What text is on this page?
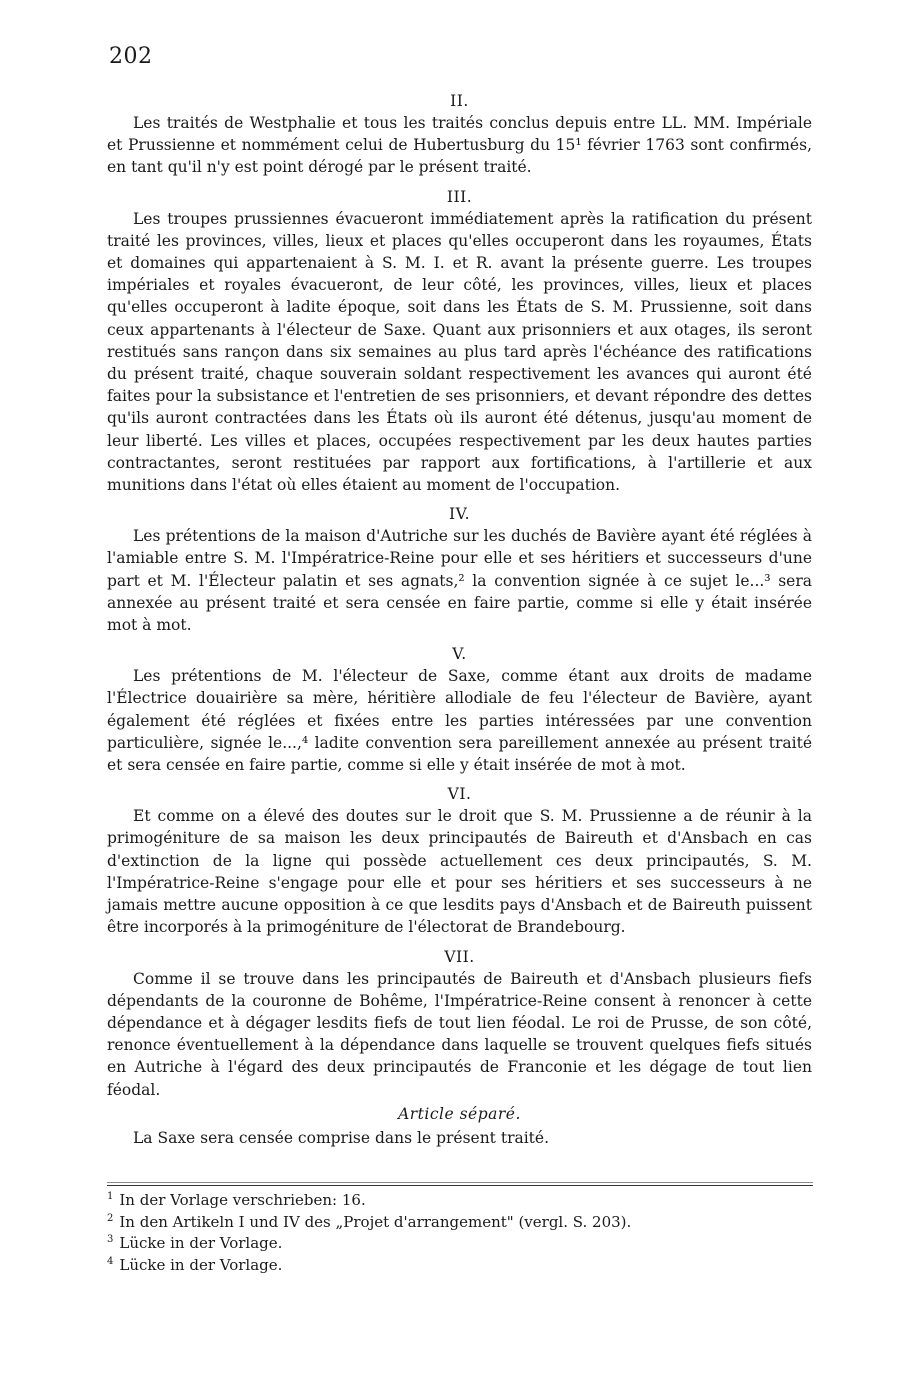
202

II.

Les traités de Westphalie et tous les traités conclus depuis entre LL. MM. Impériale et Prussienne et nommément celui de Hubertusburg du 15¹ février 1763 sont confirmés, en tant qu'il n'y est point dérogé par le présent traité.

III.

Les troupes prussiennes évacueront immédiatement après la ratification du présent traité les provinces, villes, lieux et places qu'elles occuperont dans les royaumes, États et domaines qui appartenaient à S. M. I. et R. avant la présente guerre. Les troupes impériales et royales évacueront, de leur côté, les provinces, villes, lieux et places qu'elles occuperont à ladite époque, soit dans les États de S. M. Prussienne, soit dans ceux appartenants à l'électeur de Saxe. Quant aux prisonniers et aux otages, ils seront restitués sans rançon dans six semaines au plus tard après l'échéance des ratifications du présent traité, chaque souverain soldant respectivement les avances qui auront été faites pour la subsistance et l'entretien de ses prisonniers, et devant répondre des dettes qu'ils auront contractées dans les États où ils auront été détenus, jusqu'au moment de leur liberté. Les villes et places, occupées respectivement par les deux hautes parties contractantes, seront restituées par rapport aux fortifications, à l'artillerie et aux munitions dans l'état où elles étaient au moment de l'occupation.

IV.

Les prétentions de la maison d'Autriche sur les duchés de Bavière ayant été réglées à l'amiable entre S. M. l'Impératrice-Reine pour elle et ses héritiers et successeurs d'une part et M. l'Électeur palatin et ses agnats,² la convention signée à ce sujet le...³ sera annexée au présent traité et sera censée en faire partie, comme si elle y était insérée mot à mot.

V.

Les prétentions de M. l'électeur de Saxe, comme étant aux droits de madame l'Électrice douairière sa mère, héritière allodiale de feu l'électeur de Bavière, ayant également été réglées et fixées entre les parties intéressées par une convention particulière, signée le...,⁴ ladite convention sera pareillement annexée au présent traité et sera censée en faire partie, comme si elle y était insérée de mot à mot.

VI.

Et comme on a élevé des doutes sur le droit que S. M. Prussienne a de réunir à la primogéniture de sa maison les deux principautés de Baireuth et d'Ansbach en cas d'extinction de la ligne qui possède actuellement ces deux principautés, S. M. l'Impératrice-Reine s'engage pour elle et pour ses héritiers et ses successeurs à ne jamais mettre aucune opposition à ce que lesdits pays d'Ansbach et de Baireuth puissent être incorporés à la primogéniture de l'électorat de Brandebourg.

VII.

Comme il se trouve dans les principautés de Baireuth et d'Ansbach plusieurs fiefs dépendants de la couronne de Bohême, l'Impératrice-Reine consent à renoncer à cette dépendance et à dégager lesdits fiefs de tout lien féodal. Le roi de Prusse, de son côté, renonce éventuellement à la dépendance dans laquelle se trouvent quelques fiefs situés en Autriche à l'égard des deux principautés de Franconie et les dégage de tout lien féodal.

Article séparé.

La Saxe sera censée comprise dans le présent traité.

$^1$ In der Vorlage verschrieben: 16.

$^2$ In den Artikeln I und IV des „Projet d'arrangement" (vergl. S. 203).

$^3$ Lücke in der Vorlage.

$^4$ Lücke in der Vorlage.
